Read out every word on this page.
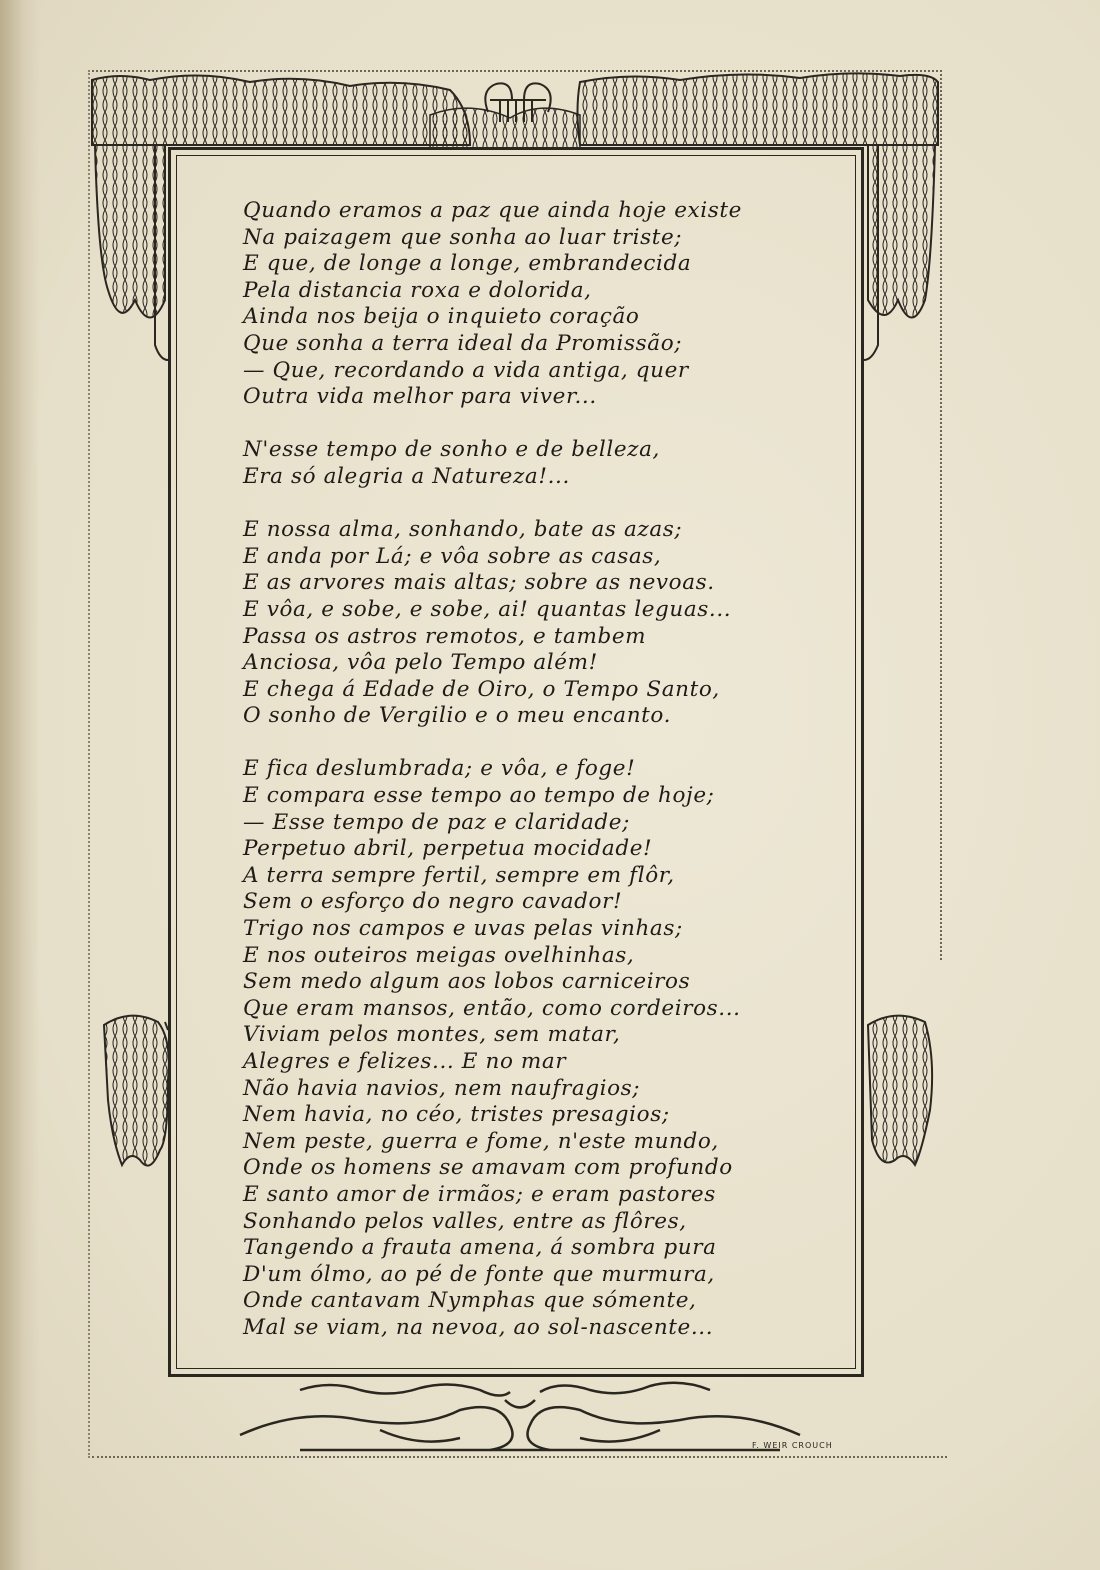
Quando eramos a paz que ainda hoje existe
Na paizagem que sonha ao luar triste;
E que, de longe a longe, embrandecida
Pela distancia roxa e dolorida,
Ainda nos beija o inquieto coração
Que sonha a terra ideal da Promissão;
— Que, recordando a vida antiga, quer
Outra vida melhor para viver...
N'esse tempo de sonho e de belleza,
Era só alegria a Natureza!...
E nossa alma, sonhando, bate as azas;
E anda por Lá; e vôa sobre as casas,
E as arvores mais altas; sobre as nevoas.
E vôa, e sobe, e sobe, ai! quantas leguas...
Passa os astros remotos, e tambem
Anciosa, vôa pelo Tempo além!
E chega á Edade de Oiro, o Tempo Santo,
O sonho de Vergilio e o meu encanto.
E fica deslumbrada; e vôa, e foge!
E compara esse tempo ao tempo de hoje;
— Esse tempo de paz e claridade;
Perpetuo abril, perpetua mocidade!
A terra sempre fertil, sempre em flôr,
Sem o esforço do negro cavador!
Trigo nos campos e uvas pelas vinhas;
E nos outeiros meigas ovelhinhas,
Sem medo algum aos lobos carniceiros
Que eram mansos, então, como cordeiros...
Viviam pelos montes, sem matar,
Alegres e felizes... E no mar
Não havia navios, nem naufragios;
Nem havia, no céo, tristes presagios;
Nem peste, guerra e fome, n'este mundo,
Onde os homens se amavam com profundo
E santo amor de irmãos; e eram pastores
Sonhando pelos valles, entre as flôres,
Tangendo a frauta amena, á sombra pura
D'um ólmo, ao pé de fonte que murmura,
Onde cantavam Nymphas que sómente,
Mal se viam, na nevoa, ao sol-nascente...
F. WEIR CROUCH
